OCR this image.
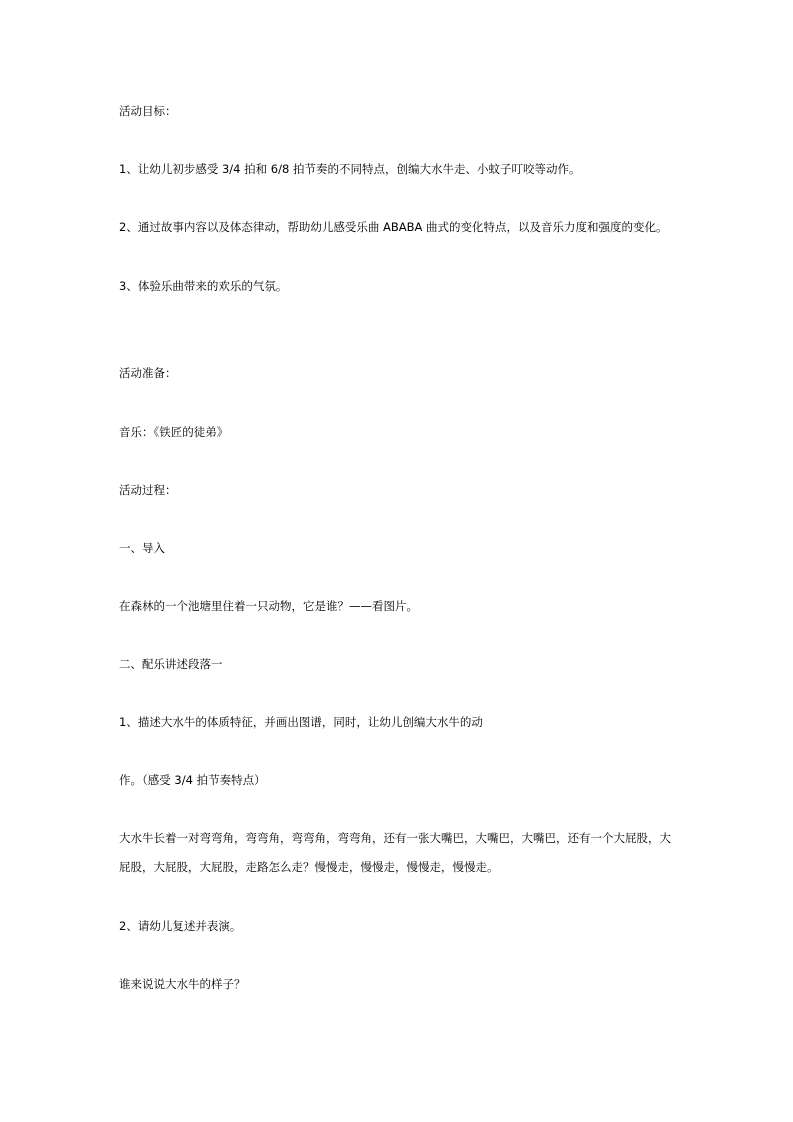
活动目标：
1、让幼儿初步感受 3/4 拍和 6/8 拍节奏的不同特点，创编大水牛走、小蚊子叮咬等动作。
2、通过故事内容以及体态律动，帮助幼儿感受乐曲 ABABA 曲式的变化特点，以及音乐力度和强度的变化。
3、体验乐曲带来的欢乐的气氛。
活动准备：
音乐：《铁匠的徒弟》
活动过程：
一、导入
在森林的一个池塘里住着一只动物，它是谁？——看图片。
二、配乐讲述段落一
1、描述大水牛的体质特征，并画出图谱，同时，让幼儿创编大水牛的动
作。（感受 3/4 拍节奏特点）
大水牛长着一对弯弯角，弯弯角，弯弯角，弯弯角，还有一张大嘴巴，大嘴巴，大嘴巴，还有一个大屁股，大屁股，大屁股，大屁股，走路怎么走？慢慢走，慢慢走，慢慢走，慢慢走。
2、请幼儿复述并表演。
谁来说说大水牛的样子？
